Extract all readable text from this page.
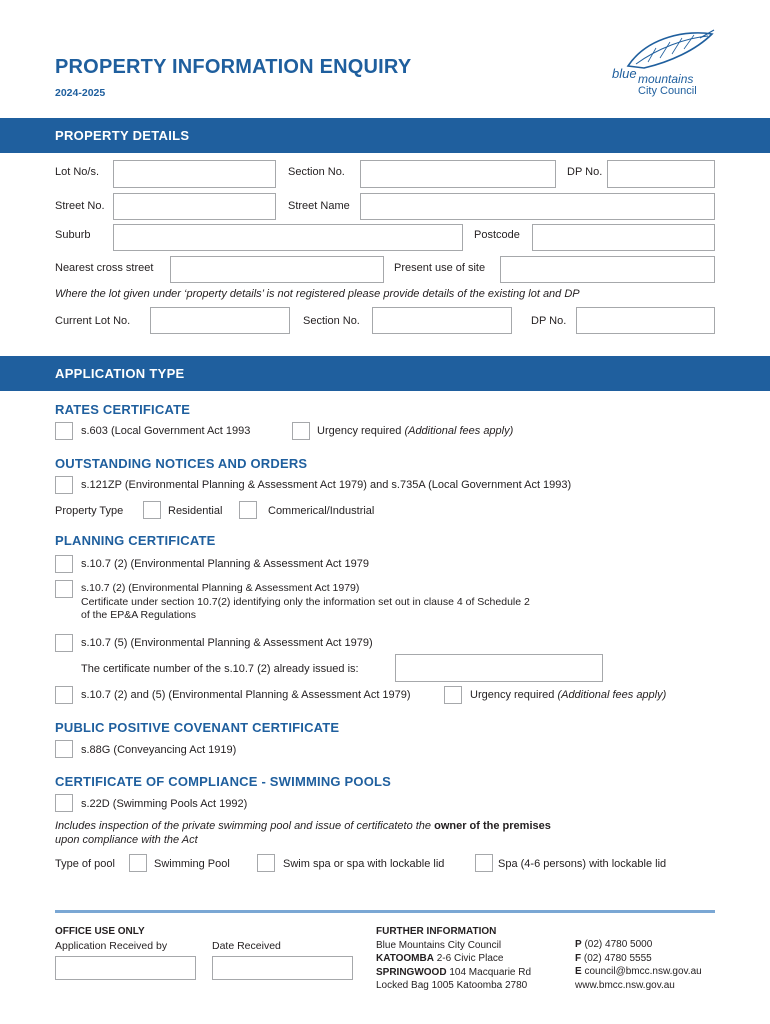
PROPERTY INFORMATION ENQUIRY
2024-2025
blue mountains
City Council
PROPERTY DETAILS
Lot No/s.	Section No.	DP No.
Street No.	Street Name
Suburb	Postcode
Nearest cross street	Present use of site
Where the lot given under ‘property details’ is not registered please provide details of the existing lot and DP
Current Lot No.	Section No.	DP No.
APPLICATION TYPE
RATES CERTIFICATE
s.603 (Local Government Act 1993	Urgency required (Additional fees apply)
OUTSTANDING NOTICES AND ORDERS
s.121ZP (Environmental Planning & Assessment Act 1979) and s.735A (Local Government Act 1993)
Property Type	Residential	Commerical/Industrial
PLANNING CERTIFICATE
s.10.7 (2) (Environmental Planning & Assessment Act 1979
s.10.7 (2) (Environmental Planning & Assessment Act 1979)
Certificate under section 10.7(2) identifying only the information set out in clause 4 of Schedule 2
of the EP&A Regulations
s.10.7 (5) (Environmental Planning & Assessment Act 1979)
The certificate number of the s.10.7 (2) already issued is:
s.10.7 (2) and (5) (Environmental Planning & Assessment Act 1979)	Urgency required (Additional fees apply)
PUBLIC POSITIVE COVENANT CERTIFICATE
s.88G (Conveyancing Act 1919)
CERTIFICATE OF COMPLIANCE - SWIMMING POOLS
s.22D (Swimming Pools Act 1992)
Includes inspection of the private swimming pool and issue of certificateto the owner of the premises
upon compliance with the Act
Type of pool	Swimming Pool	Swim spa or spa with lockable lid	Spa (4-6 persons) with lockable lid
OFFICE USE ONLY
Application Received by	Date Received
FURTHER INFORMATION
Blue Mountains City Council
KATOOMBA 2-6 Civic Place
SPRINGWOOD 104 Macquarie Rd
Locked Bag 1005 Katoomba 2780
P (02) 4780 5000
F (02) 4780 5555
E council@bmcc.nsw.gov.au
www.bmcc.nsw.gov.au
